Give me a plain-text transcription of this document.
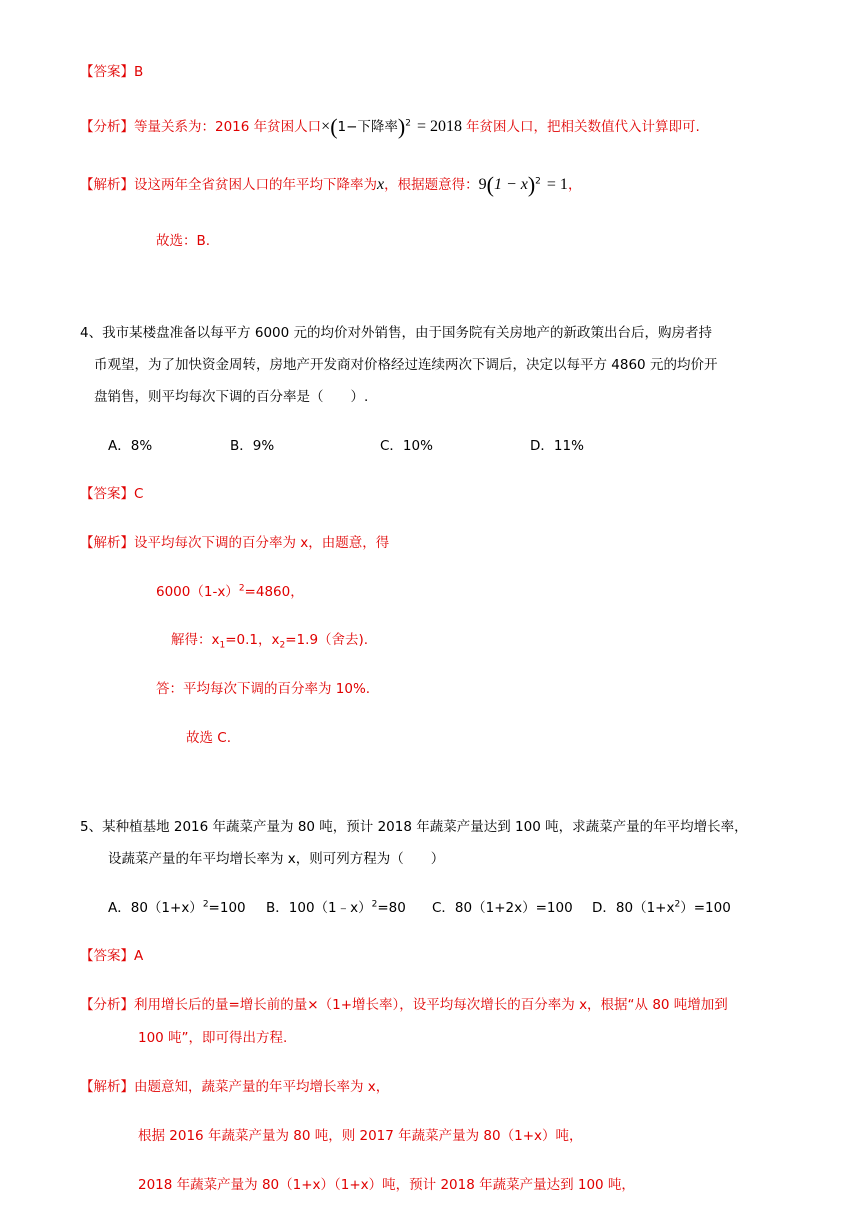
【答案】B
【分析】等量关系为：2016 年贫困人口×(1−下降率)$^2$ = 2018 年贫困人口，把相关数值代入计算即可.
【解析】设这两年全省贫困人口的年平均下降率为x，根据题意得：$9(1 - x)^2 = 1$，
故选：B.
4、我市某楼盘准备以每平方 6000 元的均价对外销售，由于国务院有关房地产的新政策出台后，购房者持
币观望，为了加快资金周转，房地产开发商对价格经过连续两次下调后，决定以每平方 4860 元的均价开
盘销售，则平均每次下调的百分率是（　　）.
A．8%	B．9%	C．10%	D．11%
【答案】C
【解析】设平均每次下调的百分率为 x，由题意，得
$6000(1-x)^2=4860$，
解得：$x_1=0.1$，$x_2=1.9$（舍去).
答：平均每次下调的百分率为 10%.
故选 C.
5、某种植基地 2016 年蔬菜产量为 80 吨，预计 2018 年蔬菜产量达到 100 吨，求蔬菜产量的年平均增长率，
设蔬菜产量的年平均增长率为 x，则可列方程为（　　）
A．$80(1+x)^2=100$ B．100（1﹣x）$^2$=80 C．80（1+2x）=100 D．$80(1+x^2)=100$
【答案】A
【分析】利用增长后的量=增长前的量×（1+增长率），设平均每次增长的百分率为 x，根据“从 80 吨增加到
100 吨”，即可得出方程.
【解析】由题意知，蔬菜产量的年平均增长率为 x，
根据 2016 年蔬菜产量为 80 吨，则 2017 年蔬菜产量为 80（1+x）吨，
2018 年蔬菜产量为 80（1+x）（1+x）吨，预计 2018 年蔬菜产量达到 100 吨，
